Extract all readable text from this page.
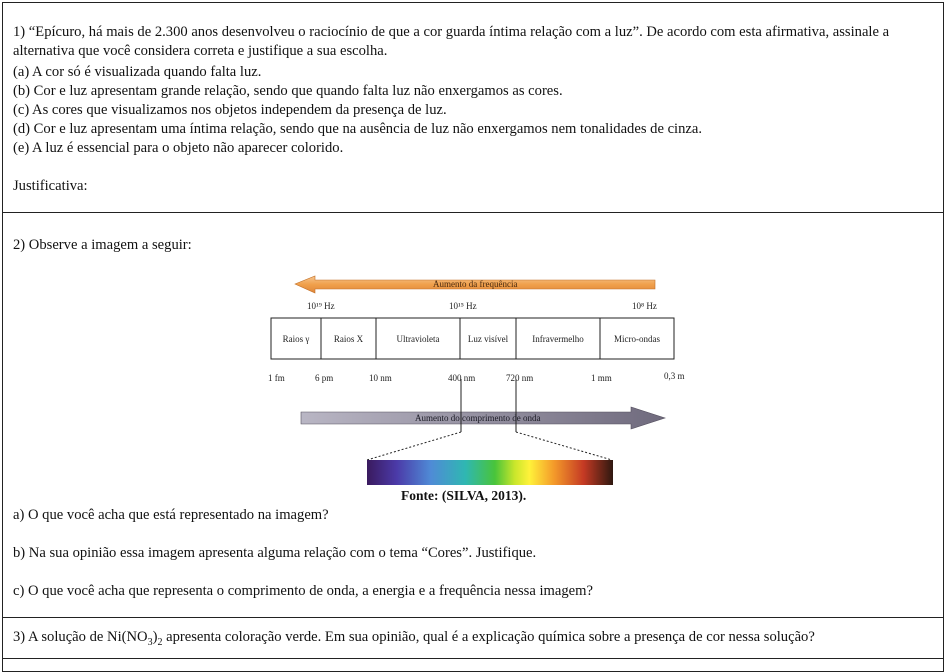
1) “Epícuro, há mais de 2.300 anos desenvolveu o raciocínio de que a cor guarda íntima relação com a luz”. De acordo com esta afirmativa, assinale a alternativa que você considera correta e justifique a sua escolha.
(a) A cor só é visualizada quando falta luz.
(b) Cor e luz apresentam grande relação, sendo que quando falta luz não enxergamos as cores.
(c) As cores que visualizamos nos objetos independem da presença de luz.
(d) Cor e luz apresentam uma íntima relação, sendo que na ausência de luz não enxergamos nem tonalidades de cinza.
(e) A luz é essencial para o objeto não aparecer colorido.
Justificativa:
2) Observe a imagem a seguir:
Aumento da frequência
10¹⁹ Hz	10¹⁵ Hz	10⁸ Hz
Raios γ	Raios X	Ultravioleta	Luz visível	Infravermelho	Micro-ondas
1 fm	6 pm	10 nm	400 nm	720 nm	1 mm	0,3 m
Aumento do comprimento de onda
Fonte: (SILVA, 2013).
a) O que você acha que está representado na imagem?
b) Na sua opinião essa imagem apresenta alguma relação com o tema “Cores”. Justifique.
c) O que você acha que representa o comprimento de onda, a energia e a frequência nessa imagem?
3) A solução de $Ni(NO_3)_2$ apresenta coloração verde. Em sua opinião, qual é a explicação química sobre a presença de cor nessa solução?
